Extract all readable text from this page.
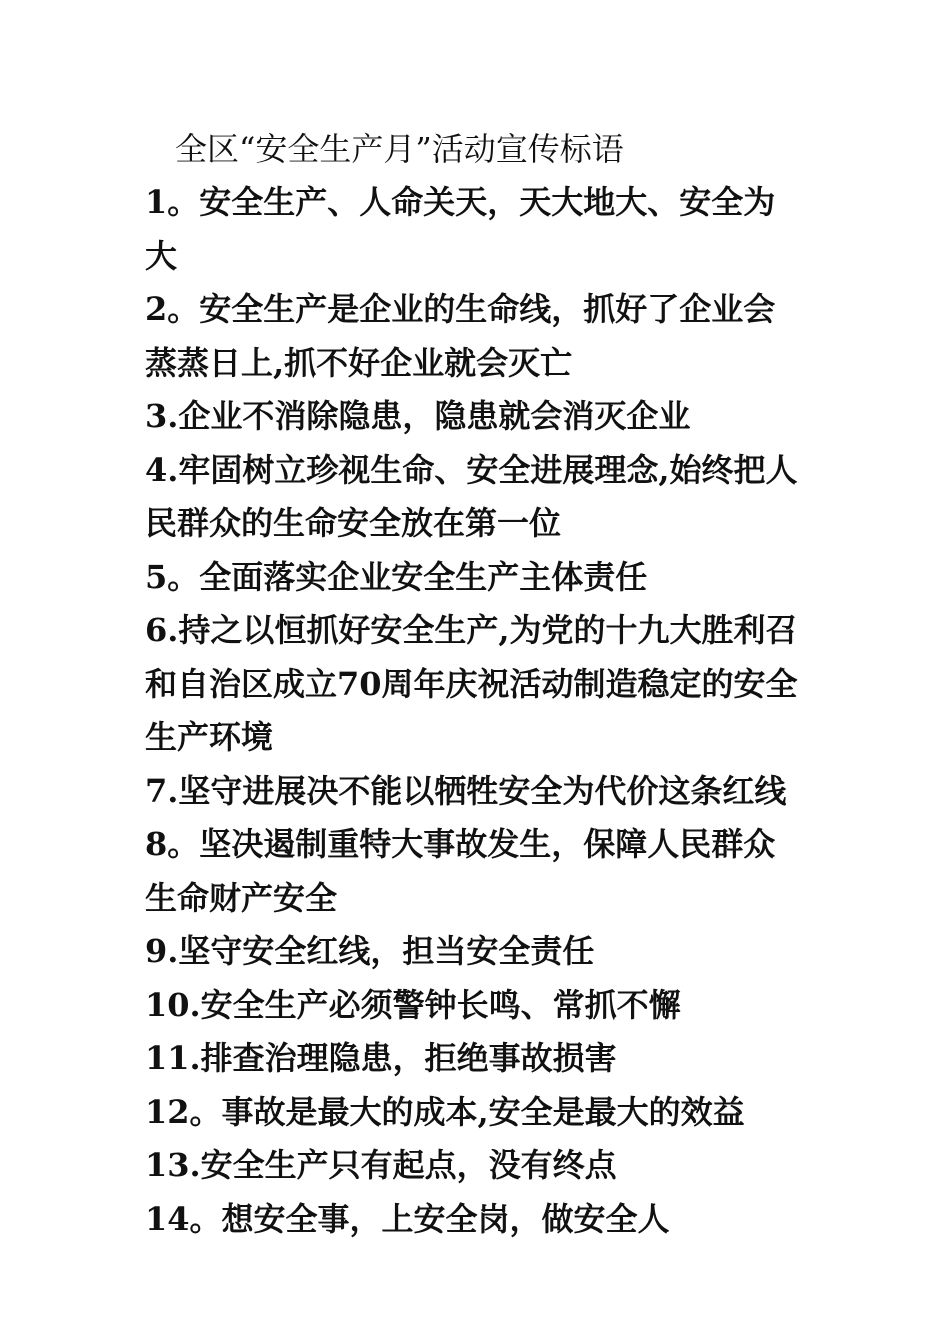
全区“安全生产月”活动宣传标语
1。安全生产、人命关天，天大地大、安全为大
2。安全生产是企业的生命线，抓好了企业会蒸蒸日上,抓不好企业就会灭亡
3.企业不消除隐患，隐患就会消灭企业
4.牢固树立珍视生命、安全进展理念,始终把人民群众的生命安全放在第一位
5。全面落实企业安全生产主体责任
6.持之以恒抓好安全生产,为党的十九大胜利召和自治区成立70周年庆祝活动制造稳定的安全生产环境
7.坚守进展决不能以牺牲安全为代价这条红线
8。坚决遏制重特大事故发生，保障人民群众生命财产安全
9.坚守安全红线，担当安全责任
10.安全生产必须警钟长鸣、常抓不懈
11.排查治理隐患，拒绝事故损害
12。事故是最大的成本,安全是最大的效益
13.安全生产只有起点，没有终点
14。想安全事，上安全岗，做安全人
